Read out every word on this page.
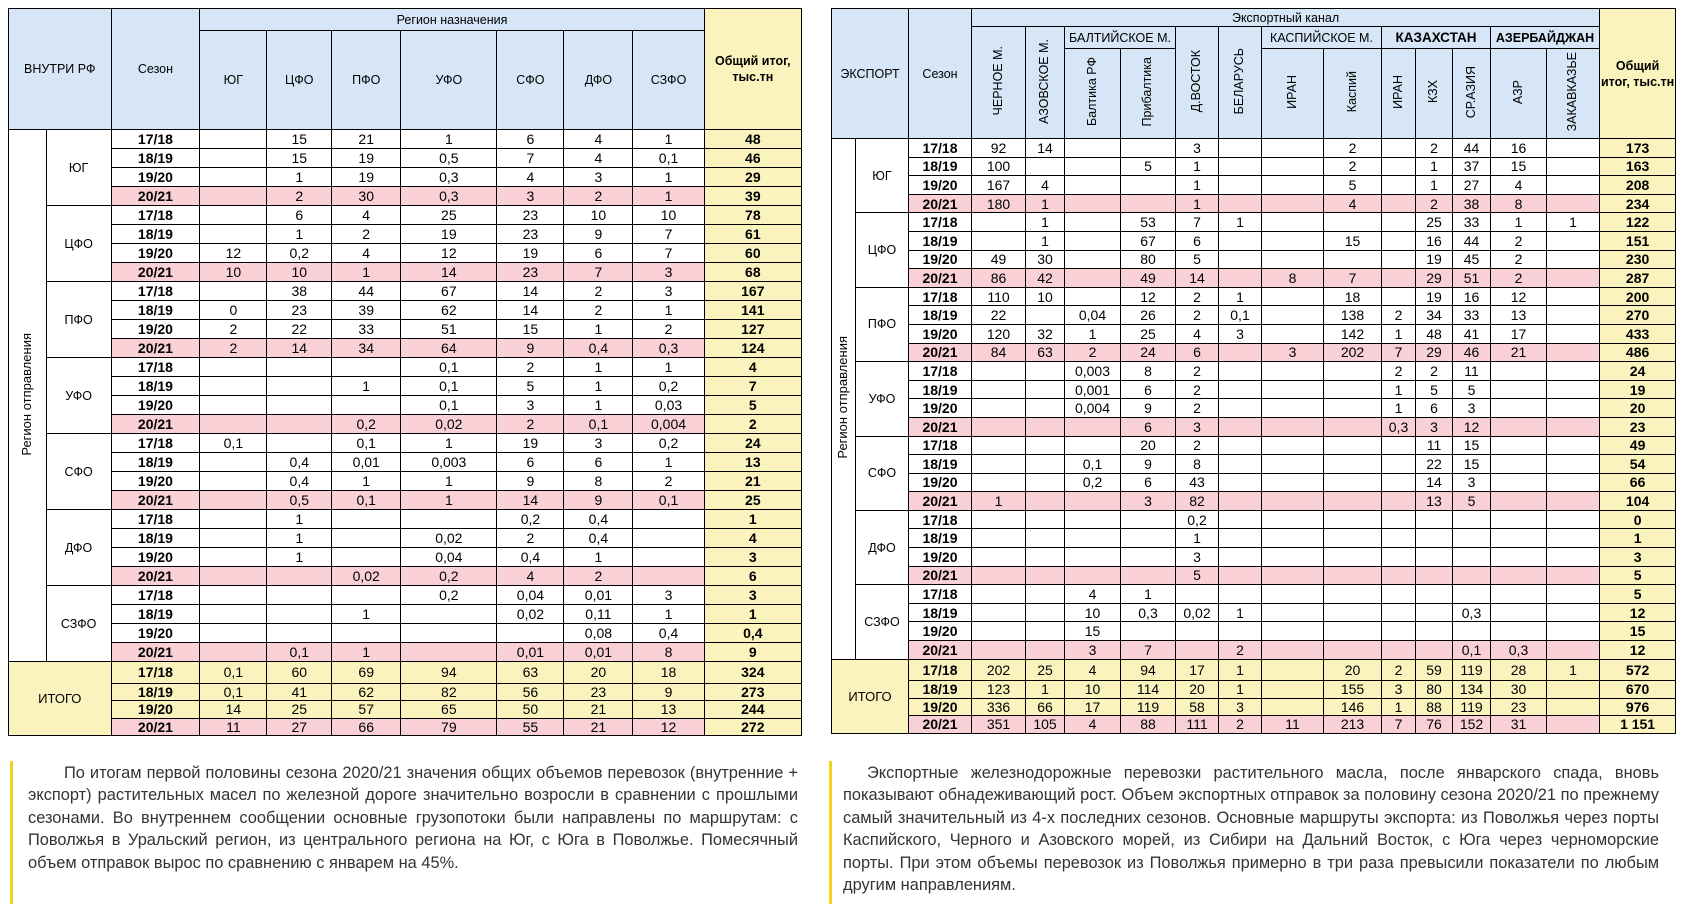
ВНУТРИ РФ		Сезон	Регион назначения							Общий итог, тыс.тн
			ЮГ	ЦФО	ПФО	УФО	СФО	ДФО	СЗФО	
Регион отправления	ЮГ	17/18		15	21	1	6	4	1	48
		18/19		15	19	0,5	7	4	0,1	46
		19/20		1	19	0,3	4	3	1	29
		20/21		2	30	0,3	3	2	1	39
	ЦФО	17/18		6	4	25	23	10	10	78
		18/19		1	2	19	23	9	7	61
		19/20	12	0,2	4	12	19	6	7	60
		20/21	10	10	1	14	23	7	3	68
	ПФО	17/18		38	44	67	14	2	3	167
		18/19	0	23	39	62	14	2	1	141
		19/20	2	22	33	51	15	1	2	127
		20/21	2	14	34	64	9	0,4	0,3	124
	УФО	17/18				0,1	2	1	1	4
		18/19			1	0,1	5	1	0,2	7
		19/20				0,1	3	1	0,03	5
		20/21			0,2	0,02	2	0,1	0,004	2
	СФО	17/18	0,1		0,1	1	19	3	0,2	24
		18/19		0,4	0,01	0,003	6	6	1	13
		19/20		0,4	1	1	9	8	2	21
		20/21		0,5	0,1	1	14	9	0,1	25
	ДФО	17/18		1			0,2	0,4		1
		18/19		1		0,02	2	0,4		4
		19/20		1		0,04	0,4	1		3
		20/21			0,02	0,2	4	2		6
	СЗФО	17/18				0,2	0,04	0,01	3	3
		18/19			1		0,02	0,11	1	1
		19/20						0,08	0,4	0,4
		20/21		0,1	1		0,01	0,01	8	9
ИТОГО		17/18	0,1	60	69	94	63	20	18	324
		18/19	0,1	41	62	82	56	23	9	273
		19/20	14	25	57	65	50	21	13	244
		20/21	11	27	66	79	55	21	12	272
ЭКСПОРТ		Сезон	Экспортный канал													Общий итог, тыс.тн
			ЧЕРНОЕ М.	АЗОВСКОЕ М.	БАЛТИЙСКОЕ М.		Д.ВОСТОК	БЕЛАРУСЬ	КАСПИЙСКОЕ М.		КАЗАХСТАН			АЗЕРБАЙДЖАН		
					Балтика РФ	Прибалтика			ИРАН	Каспий	ИРАН	КЗХ	СР.АЗИЯ	АЗР	ЗАКАВКАЗЬЕ	
Регион отправления	ЮГ	17/18	92	14			3			2		2	44	16		173
		18/19	100			5	1			2		1	37	15		163
		19/20	167	4			1			5		1	27	4		208
		20/21	180	1			1			4		2	38	8		234
	ЦФО	17/18		1		53	7	1				25	33	1	1	122
		18/19		1		67	6			15		16	44	2		151
		19/20	49	30		80	5					19	45	2		230
		20/21	86	42		49	14		8	7		29	51	2		287
	ПФО	17/18	110	10		12	2	1		18		19	16	12		200
		18/19	22		0,04	26	2	0,1		138	2	34	33	13		270
		19/20	120	32	1	25	4	3		142	1	48	41	17		433
		20/21	84	63	2	24	6		3	202	7	29	46	21		486
	УФО	17/18			0,003	8	2				2	2	11			24
		18/19			0,001	6	2				1	5	5			19
		19/20			0,004	9	2				1	6	3			20
		20/21				6	3				0,3	3	12			23
	СФО	17/18				20	2					11	15			49
		18/19			0,1	9	8					22	15			54
		19/20			0,2	6	43					14	3			66
		20/21	1			3	82					13	5			104
	ДФО	17/18					0,2									0
		18/19					1									1
		19/20					3									3
		20/21					5									5
	СЗФО	17/18			4	1										5
		18/19			10	0,3	0,02	1					0,3			12
		19/20			15											15
		20/21			3	7		2					0,1	0,3		12
ИТОГО		17/18	202	25	4	94	17	1		20	2	59	119	28	1	572
		18/19	123	1	10	114	20	1		155	3	80	134	30		670
		19/20	336	66	17	119	58	3		146	1	88	119	23		976
		20/21	351	105	4	88	111	2	11	213	7	76	152	31		1 151

По итогам первой половины сезона 2020/21 значения общих объемов перевозок (внутренние + экспорт) растительных масел по железной дороге значительно возросли в сравнении с прошлыми сезонами. Во внутреннем сообщении основные грузопотоки были направлены по маршрутам: с Поволжья в Уральский регион, из центрального региона на Юг, с Юга в Поволжье. Помесячный объем отправок вырос по сравнению с январем на 45%.

Экспортные железнодорожные перевозки растительного масла, после январского спада, вновь показывают обнадеживающий рост. Объем экспортных отправок за половину сезона 2020/21 по прежнему самый значительный из 4-х последних сезонов. Основные маршруты экспорта: из Поволжья через порты Каспийского, Черного и Азовского морей, из Сибири на Дальний Восток, с Юга через черноморские порты. При этом объемы перевозок из Поволжья примерно в три раза превысили показатели по любым другим направлениям.
